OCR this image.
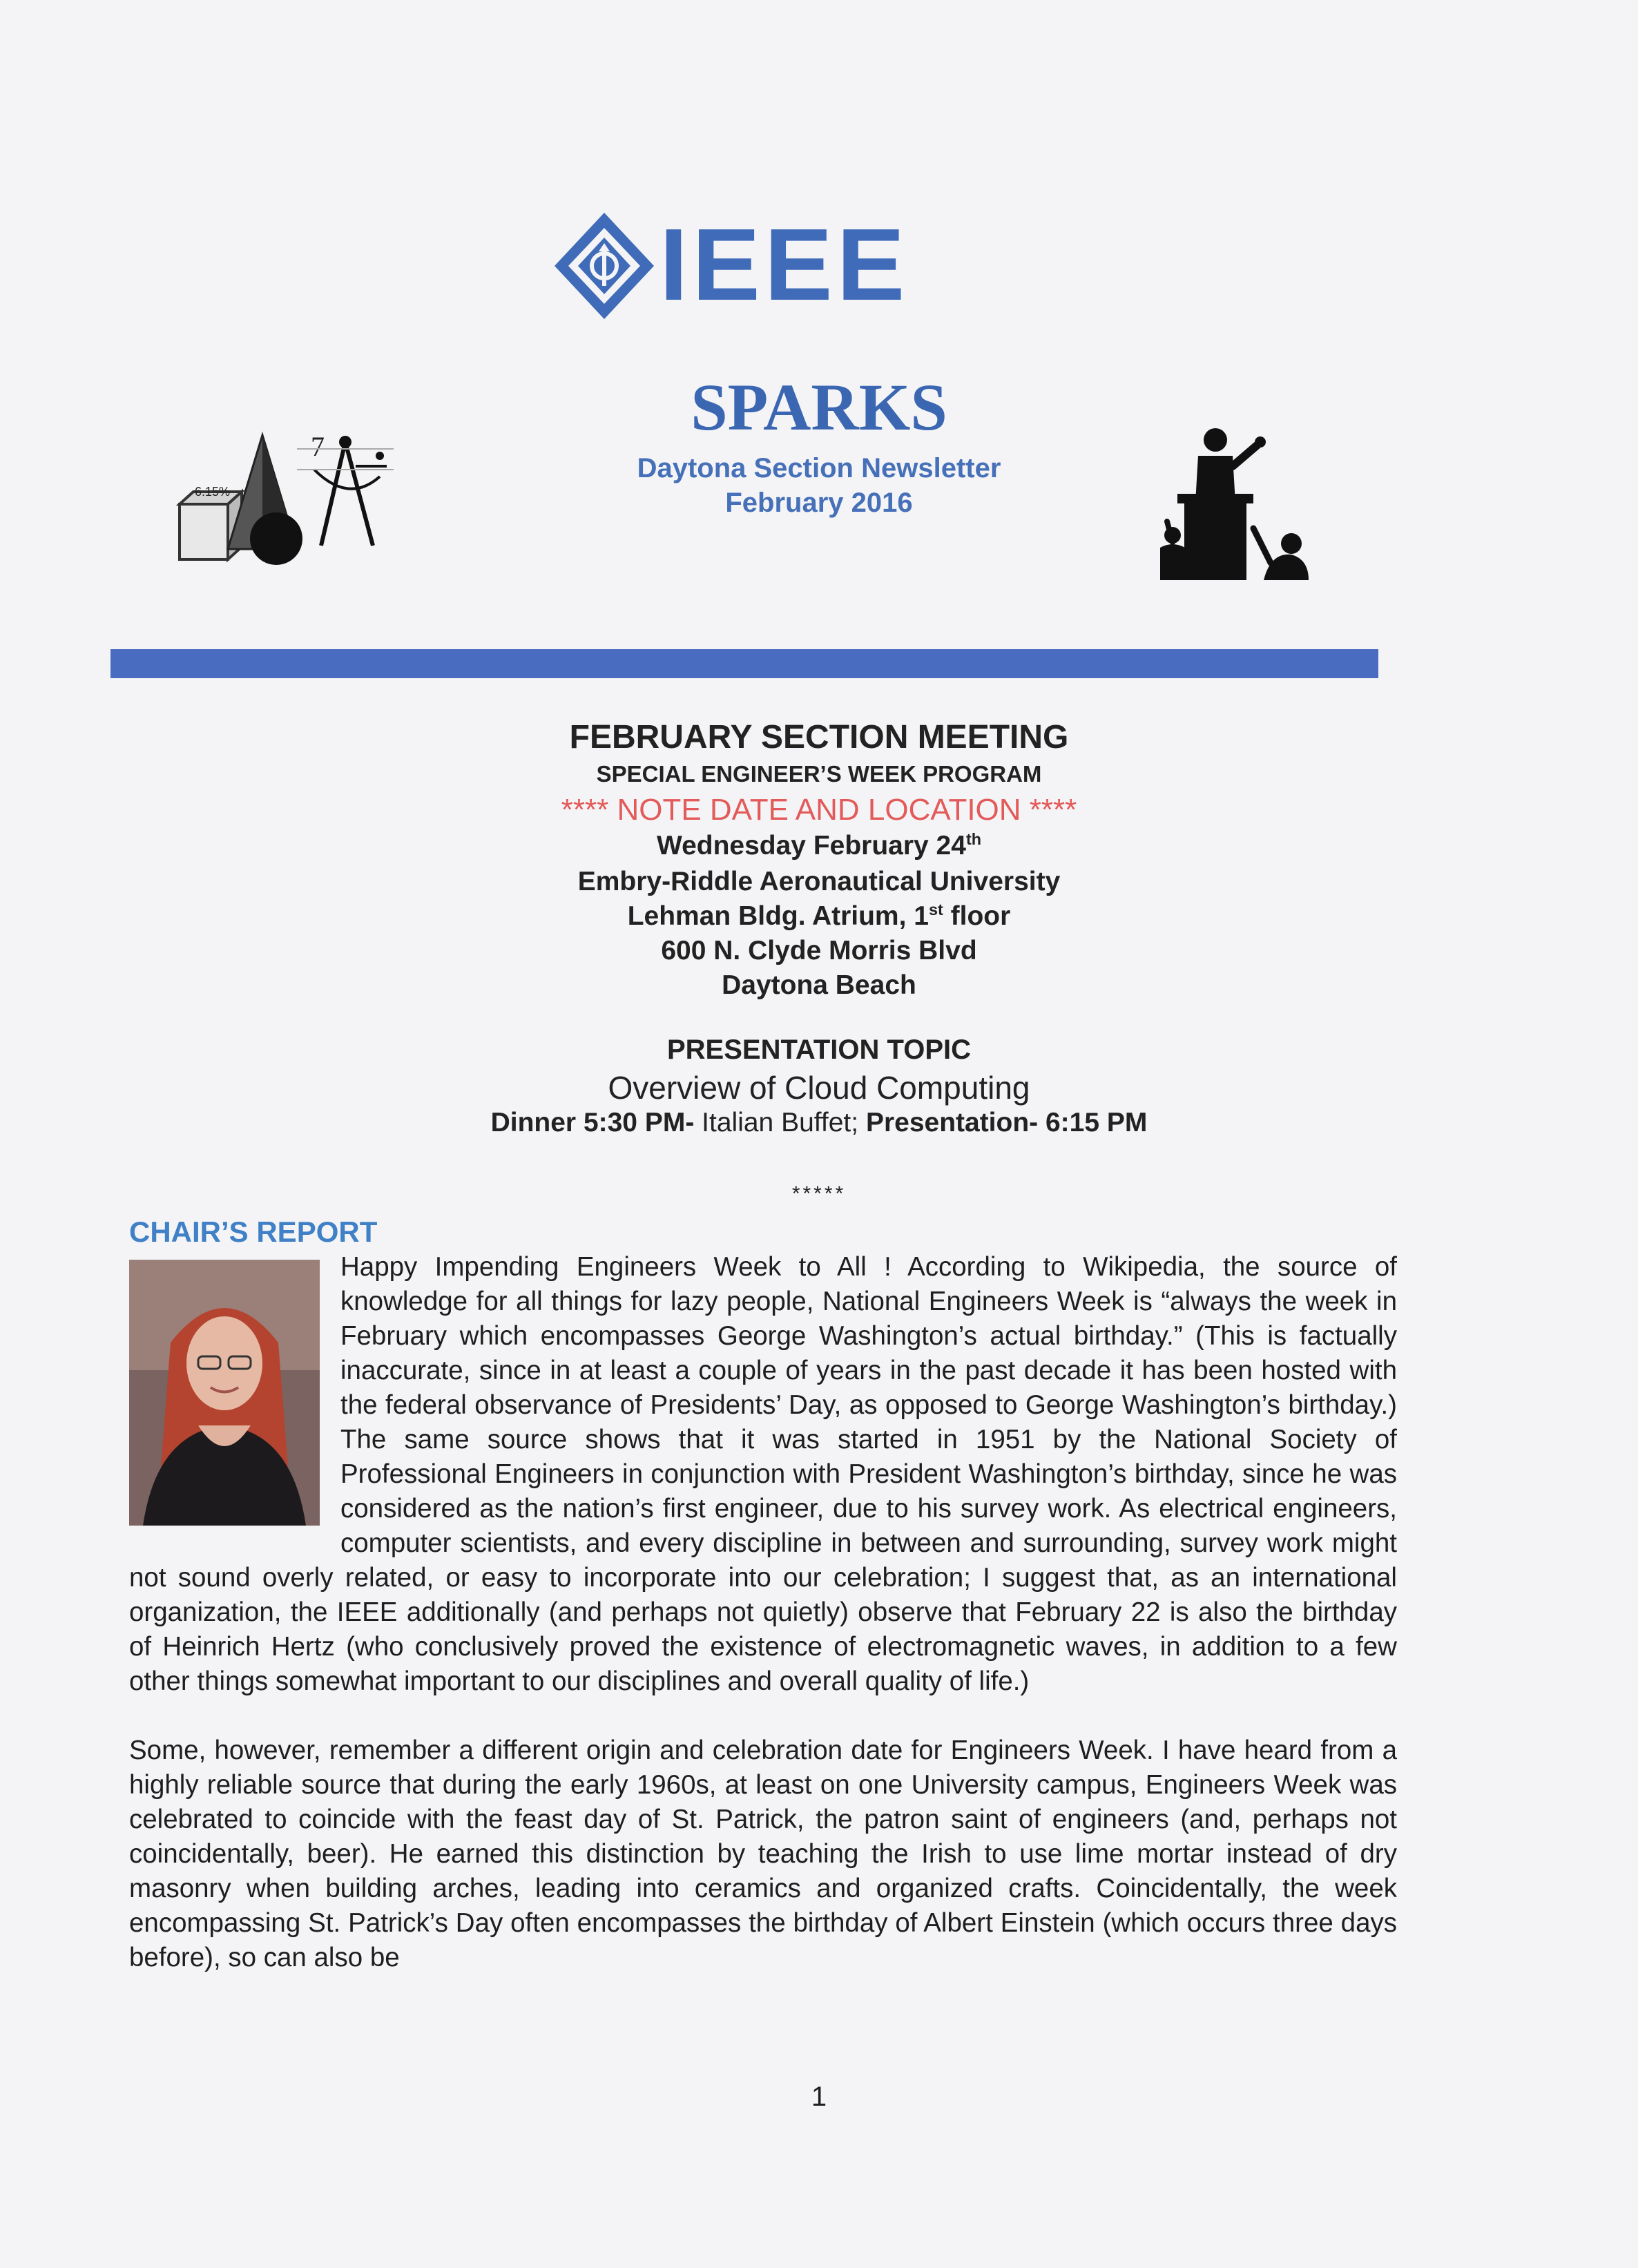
IEEE
SPARKS
Daytona Section Newsletter
February 2016
6.15%
7
FEBRUARY SECTION MEETING
SPECIAL ENGINEER’S WEEK PROGRAM
**** NOTE DATE AND LOCATION ****
Wednesday February 24th
Embry-Riddle Aeronautical University
Lehman Bldg. Atrium, 1st floor
600 N. Clyde Morris Blvd
Daytona Beach
PRESENTATION TOPIC
Overview of Cloud Computing
Dinner 5:30 PM- Italian Buffet; Presentation- 6:15 PM
*****
CHAIR’S REPORT

Happy Impending Engineers Week to All ! According to Wikipedia, the source of knowledge for all things for lazy people, National Engineers Week is “always the week in February which encompasses George Washington’s actual birthday.” (This is factually inaccurate, since in at least a couple of years in the past decade it has been hosted with the federal observance of Presidents’ Day, as opposed to George Washington’s birthday.) The same source shows that it was started in 1951 by the National Society of Professional Engineers in conjunction with President Washington’s birthday, since he was considered as the nation’s first engineer, due to his survey work. As electrical engineers, computer scientists, and every discipline in between and surrounding, survey work might not sound overly related, or easy to incorporate into our celebration; I suggest that, as an international organization, the IEEE additionally (and perhaps not quietly) observe that February 22 is also the birthday of Heinrich Hertz (who conclusively proved the existence of electromagnetic waves, in addition to a few other things somewhat important to our disciplines and overall quality of life.)

Some, however, remember a different origin and celebration date for Engineers Week. I have heard from a highly reliable source that during the early 1960s, at least on one University campus, Engineers Week was celebrated to coincide with the feast day of St. Patrick, the patron saint of engineers (and, perhaps not coincidentally, beer). He earned this distinction by teaching the Irish to use lime mortar instead of dry masonry when building arches, leading into ceramics and organized crafts. Coincidentally, the week encompassing St. Patrick’s Day often encompasses the birthday of Albert Einstein (which occurs three days before), so can also be

1
